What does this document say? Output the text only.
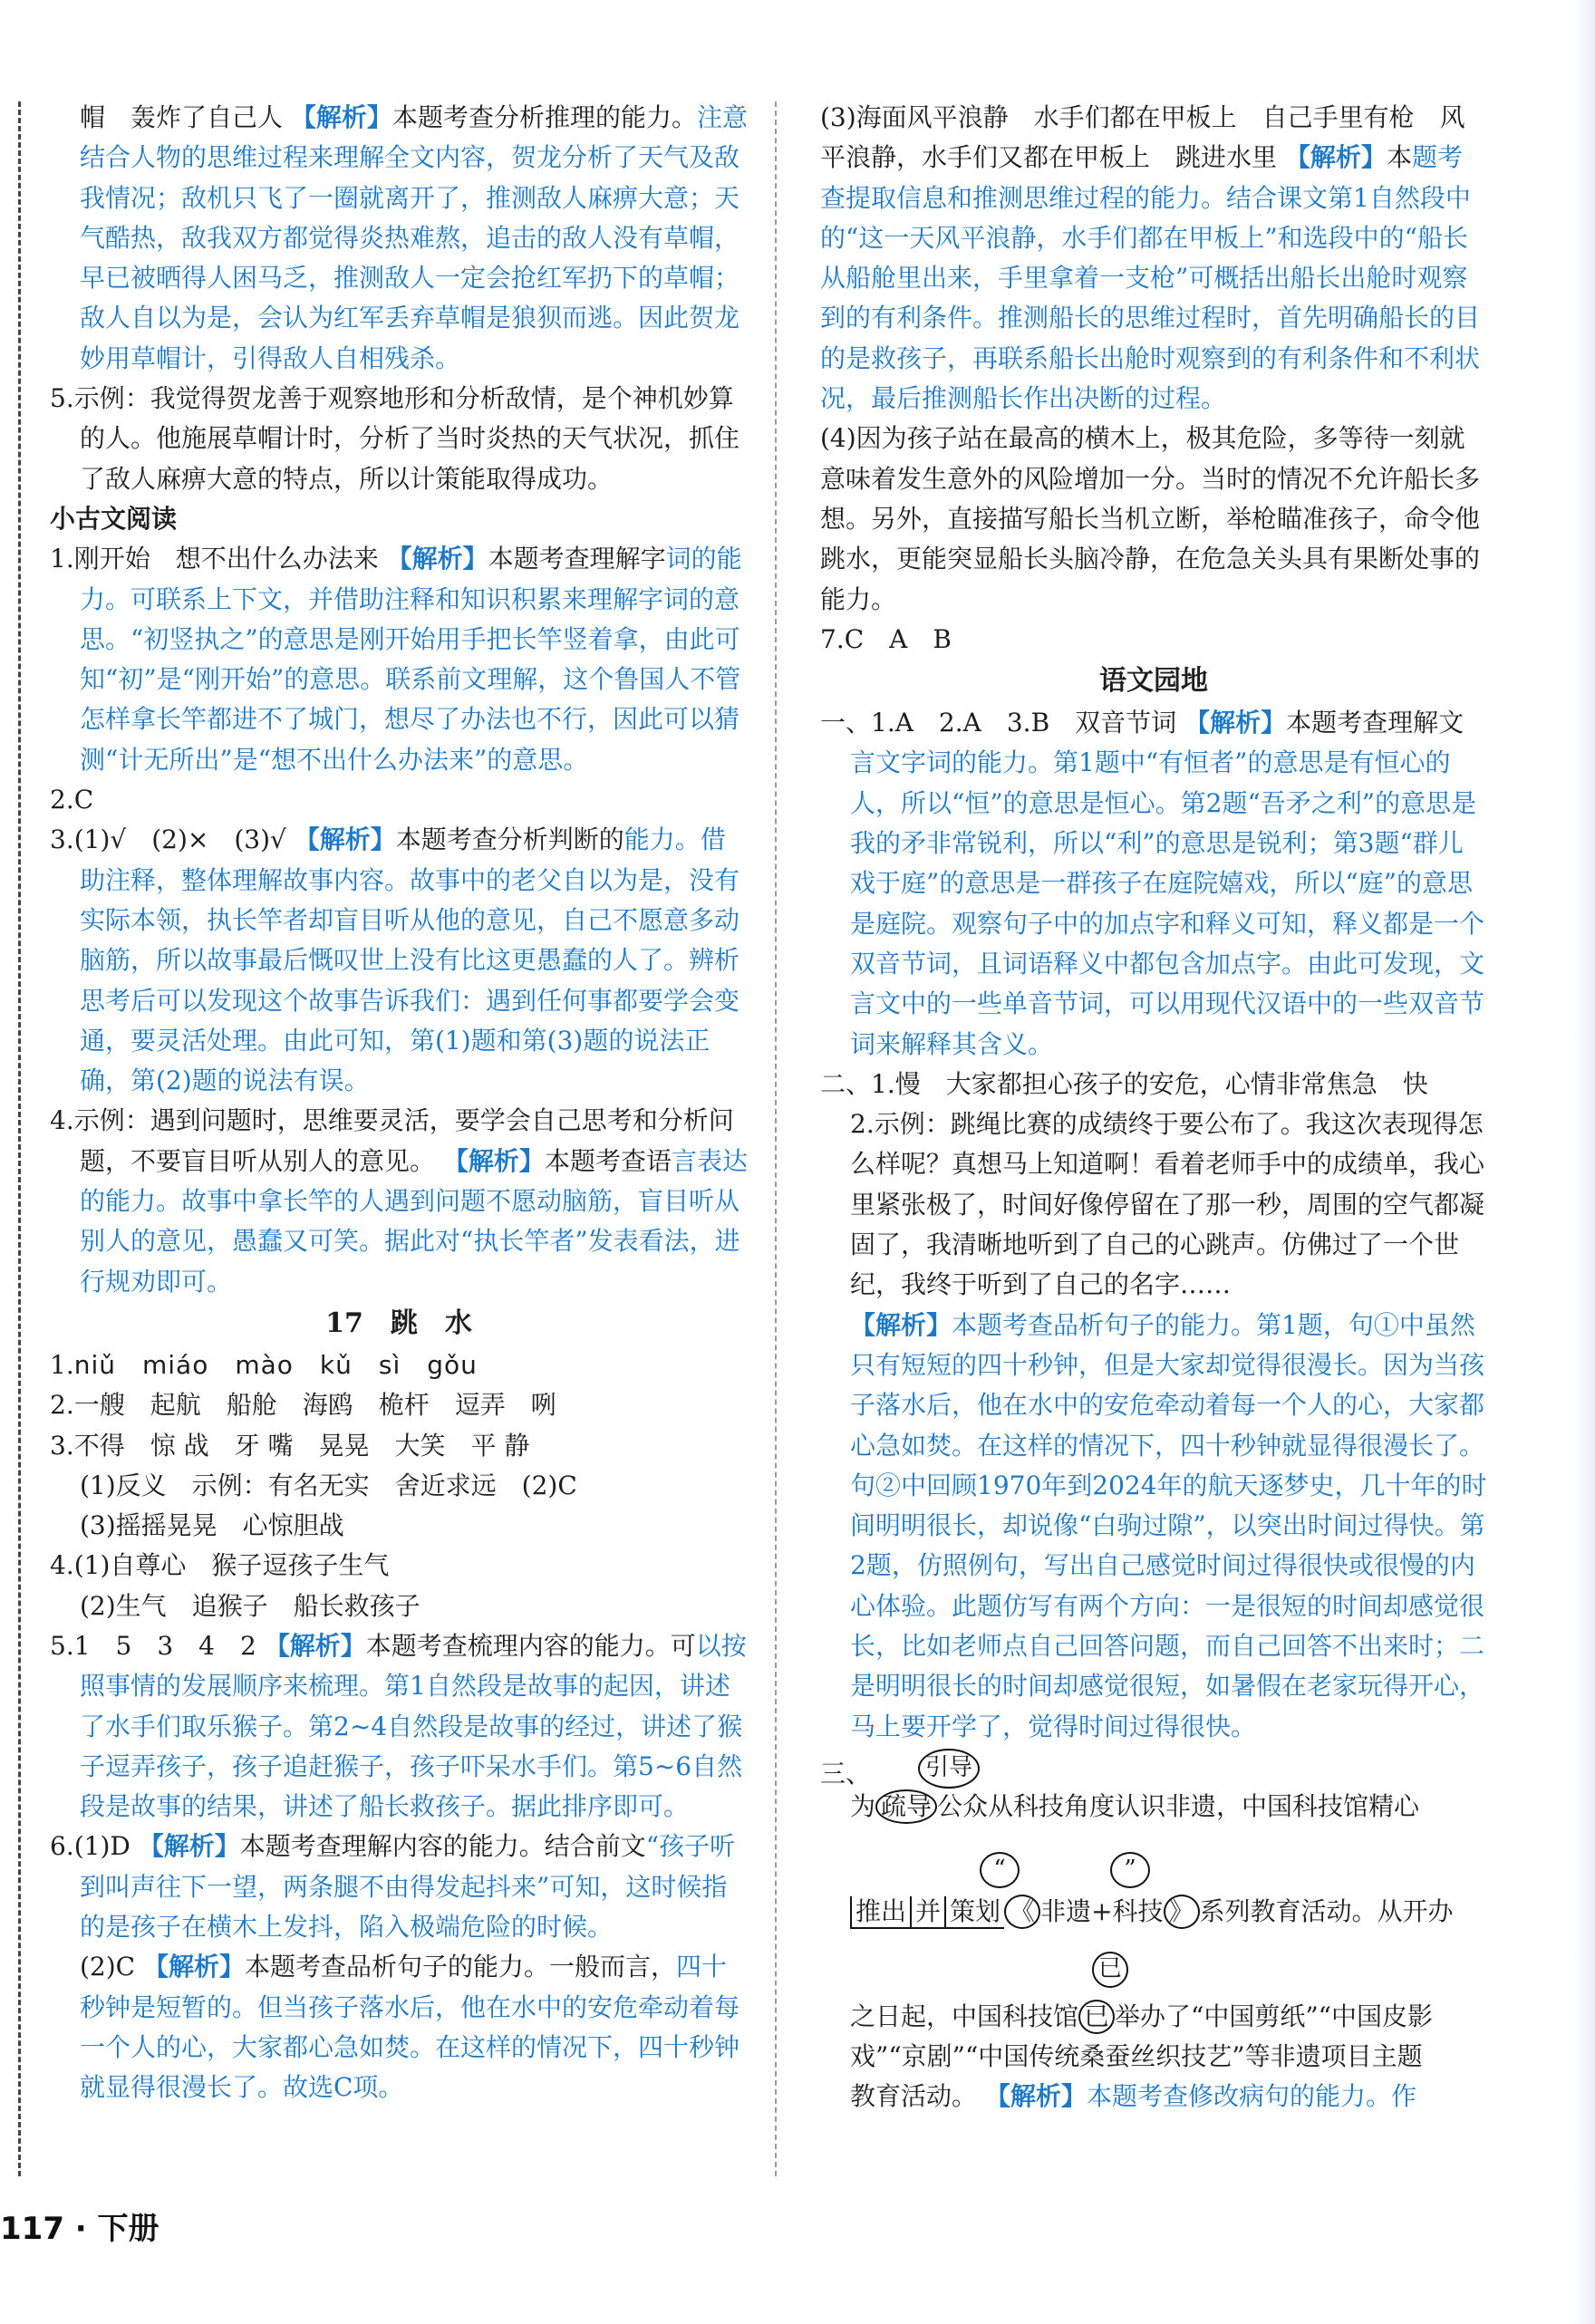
帽　轰炸了自己人 【解析】本题考查分析推理的能力。注意结合人物的思维过程来理解全文内容，贺龙分析了天气及敌我情况；敌机只飞了一圈就离开了，推测敌人麻痹大意；天气酷热，敌我双方都觉得炎热难熬，追击的敌人没有草帽，早已被晒得人困马乏，推测敌人一定会抢红军扔下的草帽；敌人自以为是，会认为红军丢弃草帽是狼狈而逃。因此贺龙妙用草帽计，引得敌人自相残杀。

5.示例：我觉得贺龙善于观察地形和分析敌情，是个神机妙算的人。他施展草帽计时，分析了当时炎热的天气状况，抓住了敌人麻痹大意的特点，所以计策能取得成功。

小古文阅读

1.刚开始　想不出什么办法来 【解析】本题考查理解字词的能力。可联系上下文，并借助注释和知识积累来理解字词的意思。“初竖执之”的意思是刚开始用手把长竿竖着拿，由此可知“初”是“刚开始”的意思。联系前文理解，这个鲁国人不管怎样拿长竿都进不了城门，想尽了办法也不行，因此可以猜测“计无所出”是“想不出什么办法来”的意思。

2.C

3.(1)√　(2)×　(3)√ 【解析】本题考查分析判断的能力。借助注释，整体理解故事内容。故事中的老父自以为是，没有实际本领，执长竿者却盲目听从他的意见，自己不愿意多动脑筋，所以故事最后慨叹世上没有比这更愚蠢的人了。辨析思考后可以发现这个故事告诉我们：遇到任何事都要学会变通，要灵活处理。由此可知，第(1)题和第(3)题的说法正确，第(2)题的说法有误。

4.示例：遇到问题时，思维要灵活，要学会自己思考和分析问题，不要盲目听从别人的意见。 【解析】本题考查语言表达的能力。故事中拿长竿的人遇到问题不愿动脑筋，盲目听从别人的意见，愚蠢又可笑。据此对“执长竿者”发表看法，进行规劝即可。

17　跳　水

1.niǔ　miáo　mào　kǔ　sì　gǒu

2.一艘　起航　船舱　海鸥　桅杆　逗弄　咧

3.不得　惊 战　牙 嘴　晃晃　大笑　平 静

(1)反义　示例：有名无实　舍近求远　(2)C

(3)摇摇晃晃　心惊胆战

4.(1)自尊心　猴子逗孩子生气

(2)生气　追猴子　船长救孩子

5.1　5　3　4　2 【解析】本题考查梳理内容的能力。可以按照事情的发展顺序来梳理。第1自然段是故事的起因，讲述了水手们取乐猴子。第2~4自然段是故事的经过，讲述了猴子逗弄孩子，孩子追赶猴子，孩子吓呆水手们。第5~6自然段是故事的结果，讲述了船长救孩子。据此排序即可。

6.(1)D 【解析】本题考查理解内容的能力。结合前文“孩子听到叫声往下一望，两条腿不由得发起抖来”可知，这时候指的是孩子在横木上发抖，陷入极端危险的时候。

(2)C 【解析】本题考查品析句子的能力。一般而言，四十秒钟是短暂的。但当孩子落水后，他在水中的安危牵动着每一个人的心，大家都心急如焚。在这样的情况下，四十秒钟就显得很漫长了。故选C项。

(3)海面风平浪静　水手们都在甲板上　自己手里有枪　风平浪静，水手们又都在甲板上　跳进水里 【解析】本题考查提取信息和推测思维过程的能力。结合课文第1自然段中的“这一天风平浪静，水手们都在甲板上”和选段中的“船长从船舱里出来，手里拿着一支枪”可概括出船长出舱时观察到的有利条件。推测船长的思维过程时，首先明确船长的目的是救孩子，再联系船长出舱时观察到的有利条件和不利状况，最后推测船长作出决断的过程。

(4)因为孩子站在最高的横木上，极其危险，多等待一刻就意味着发生意外的风险增加一分。当时的情况不允许船长多想。另外，直接描写船长当机立断，举枪瞄准孩子，命令他跳水，更能突显船长头脑冷静，在危急关头具有果断处事的能力。

7.C　A　B

语文园地

一、1.A　2.A　3.B　双音节词 【解析】本题考查理解文言文字词的能力。第1题中“有恒者”的意思是有恒心的人，所以“恒”的意思是恒心。第2题“吾矛之利”的意思是我的矛非常锐利，所以“利”的意思是锐利；第3题“群儿戏于庭”的意思是一群孩子在庭院嬉戏，所以“庭”的意思是庭院。观察句子中的加点字和释义可知，释义都是一个双音节词，且词语释义中都包含加点字。由此可发现，文言文中的一些单音节词，可以用现代汉语中的一些双音节词来解释其含义。

二、1.慢　大家都担心孩子的安危，心情非常焦急　快

2.示例：跳绳比赛的成绩终于要公布了。我这次表现得怎么样呢？真想马上知道啊！看着老师手中的成绩单，我心里紧张极了，时间好像停留在了那一秒，周围的空气都凝固了，我清晰地听到了自己的心跳声。仿佛过了一个世纪，我终于听到了自己的名字……

【解析】本题考查品析句子的能力。第1题，句①中虽然只有短短的四十秒钟，但是大家却觉得很漫长。因为当孩子落水后，他在水中的安危牵动着每一个人的心，大家都心急如焚。在这样的情况下，四十秒钟就显得很漫长了。句②中回顾1970年到2024年的航天逐梦史，几十年的时间明明很长，却说像“白驹过隙”，以突出时间过得快。第2题，仿照例句，写出自己感觉时间过得很快或很慢的内心体验。此题仿写有两个方向：一是很短的时间却感觉很长，比如老师点自己回答问题，而自己回答不出来时；二是明明很长的时间却感觉很短，如暑假在老家玩得开心，马上要开学了，觉得时间过得很快。

三、	引导
为 疏导 公众从科技角度认识非遗，中国科技馆精心
“	”
推出 并 策划 《 非遗+科技 》 系列教育活动。从开办
已
之日起，中国科技馆 已 举办了“中国剪纸”“中国皮影
戏”“京剧”“中国传统桑蚕丝织技艺”等非遗项目主题
教育活动。 【解析】本题考查修改病句的能力。作
117 · 下册
